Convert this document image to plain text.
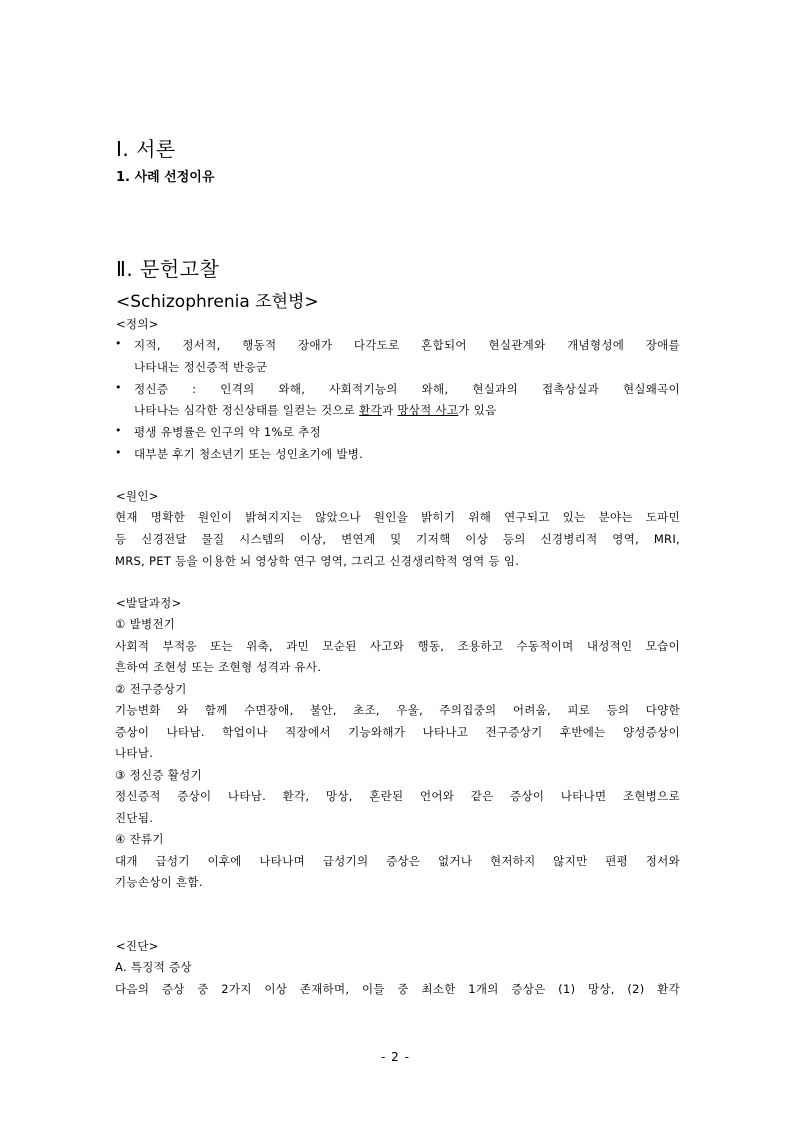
Ⅰ. 서론
1. 사례 선정이유
Ⅱ. 문헌고찰
<Schizophrenia 조현병>
<정의>
• 지적, 정서적, 행동적 장애가 다각도로 혼합되어 현실관계와 개념형성에 장애를
나타내는 정신증적 반응군
• 정신증 : 인격의 와해, 사회적기능의 와해, 현실과의 접촉상실과 현실왜곡이
나타나는 심각한 정신상태를 일컫는 것으로 환각과 망상적 사고가 있음
• 평생 유병률은 인구의 약 1%로 추정
• 대부분 후기 청소년기 또는 성인초기에 발병.
<원인>
현재 명확한 원인이 밝혀지지는 않았으나 원인을 밝히기 위해 연구되고 있는 분야는 도파민
등 신경전달 물질 시스템의 이상, 변연계 및 기저핵 이상 등의 신경병리적 영역, MRI,
MRS, PET 등을 이용한 뇌 영상학 연구 영역, 그리고 신경생리학적 영역 등 임.
<발달과정>
① 발병전기
사회적 부적응 또는 위축, 과민 모순된 사고와 행동, 조용하고 수동적이며 내성적인 모습이
흔하여 조현성 또는 조현형 성격과 유사.
② 전구증상기
기능변화 와 함께 수면장애, 불안, 초조, 우울, 주의집중의 어려움, 피로 등의 다양한
증상이 나타남. 학업이나 직장에서 기능와해가 나타나고 전구증상기 후반에는 양성증상이
나타남.
③ 정신증 활성기
정신증적 증상이 나타남. 환각, 망상, 혼란된 언어와 같은 증상이 나타나면 조현병으로
진단됨.
④ 잔류기
대개 급성기 이후에 나타나며 급성기의 증상은 없거나 현저하지 않지만 편평 정서와
기능손상이 흔함.
<진단>
A. 특징적 증상
다음의 증상 중 2가지 이상 존재하며, 이들 중 최소한 1개의 증상은 (1) 망상, (2) 환각
- 2 -
